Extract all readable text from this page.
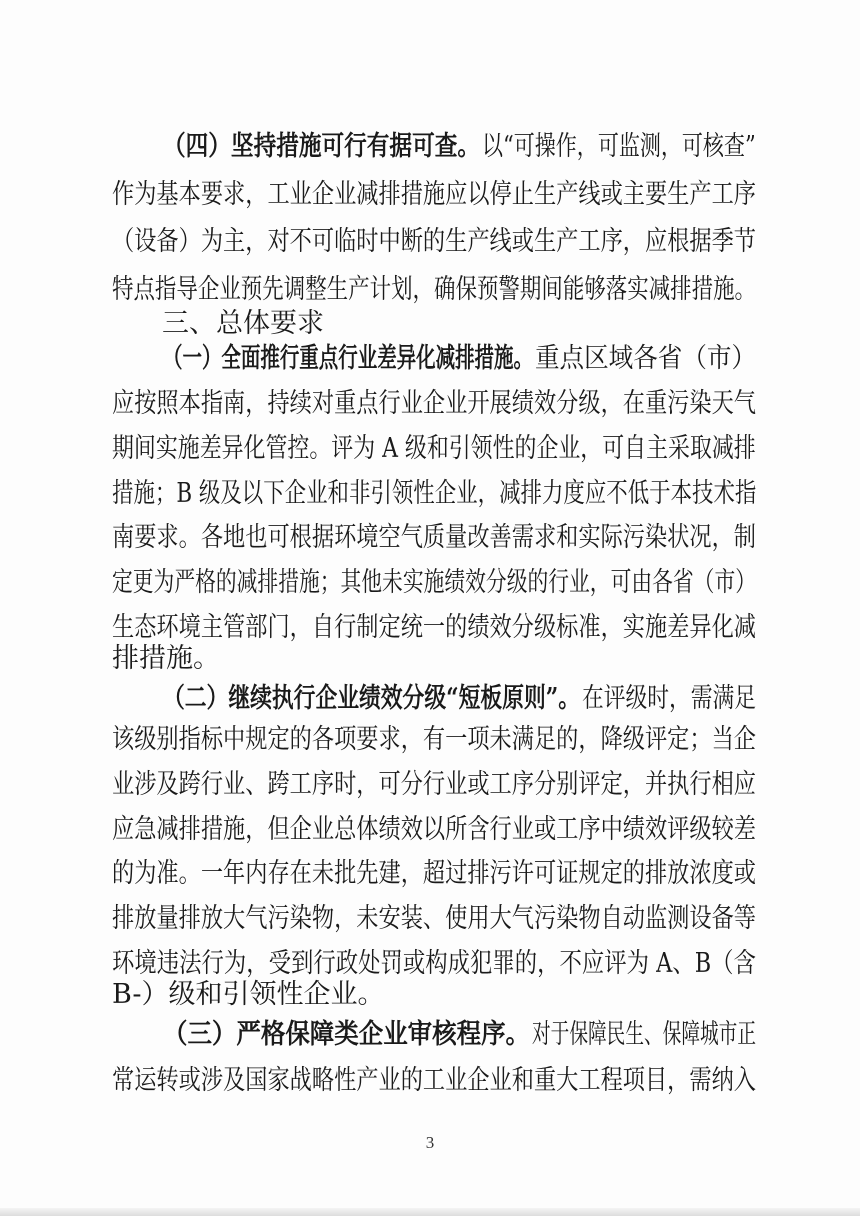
（四）坚持措施可行有据可查。 以“可操作，可监测，可核查”
作为基本要求，工业企业减排措施应以停止生产线或主要生产工序
（设备）为主，对不可临时中断的生产线或生产工序，应根据季节
特点指导企业预先调整生产计划，确保预警期间能够落实减排措施。
三、总体要求
（一）全面推行重点行业差异化减排措施。 重点区域各省（市）
应按照本指南，持续对重点行业企业开展绩效分级，在重污染天气
期间实施差异化管控。评为 A 级和引领性的企业，可自主采取减排
措施；B 级及以下企业和非引领性企业，减排力度应不低于本技术指
南要求。各地也可根据环境空气质量改善需求和实际污染状况，制
定更为严格的减排措施；其他未实施绩效分级的行业，可由各省（市）
生态环境主管部门，自行制定统一的绩效分级标准，实施差异化减
排措施。
（二）继续执行企业绩效分级“短板原则”。 在评级时，需满足
该级别指标中规定的各项要求，有一项未满足的，降级评定；当企
业涉及跨行业、跨工序时，可分行业或工序分别评定，并执行相应
应急减排措施，但企业总体绩效以所含行业或工序中绩效评级较差
的为准。一年内存在未批先建，超过排污许可证规定的排放浓度或
排放量排放大气污染物，未安装、使用大气污染物自动监测设备等
环境违法行为，受到行政处罚或构成犯罪的，不应评为 A、B（含
B-）级和引领性企业。
（三）严格保障类企业审核程序。 对于保障民生、保障城市正
常运转或涉及国家战略性产业的工业企业和重大工程项目，需纳入
3
